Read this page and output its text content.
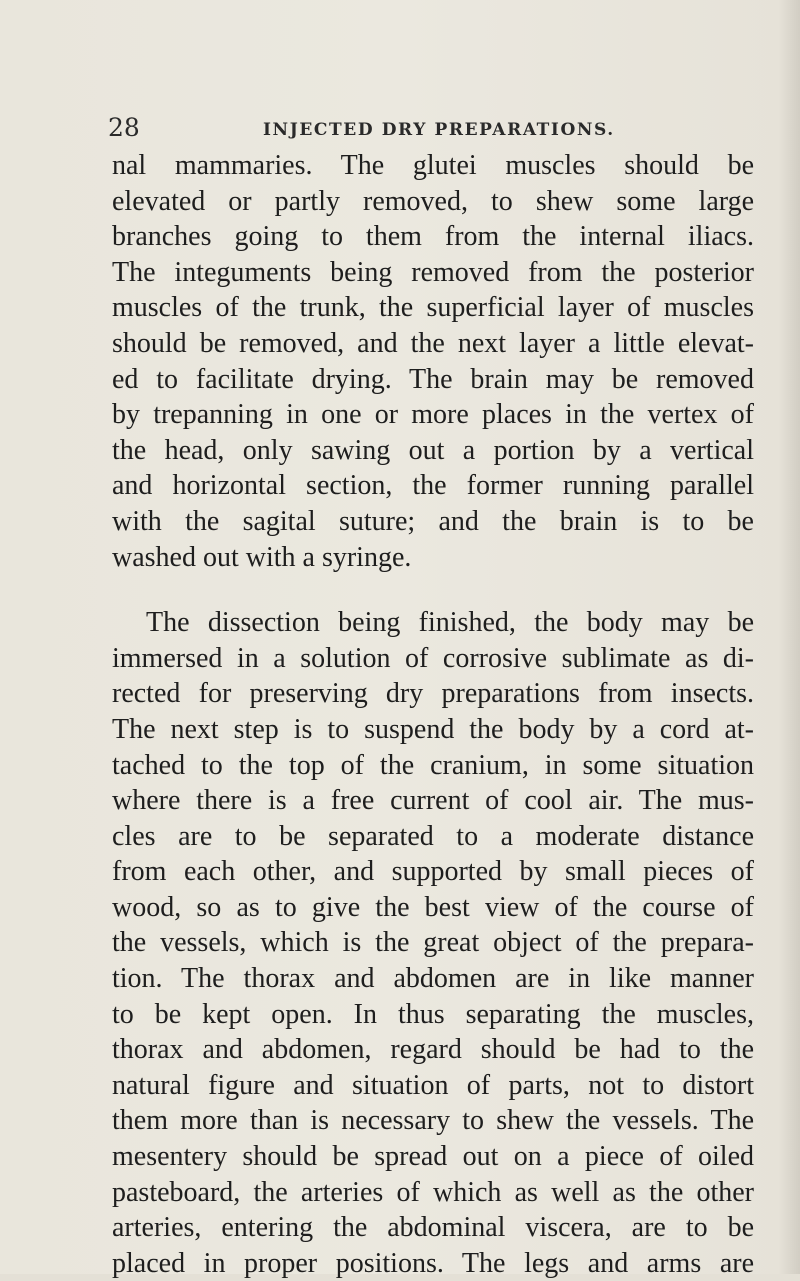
28	INJECTED DRY PREPARATIONS.
nal mammaries. The glutei muscles should be
elevated or partly removed, to shew some large
branches going to them from the internal iliacs.
The integuments being removed from the posterior
muscles of the trunk, the superficial layer of muscles
should be removed, and the next layer a little elevat-
ed to facilitate drying. The brain may be removed
by trepanning in one or more places in the vertex of
the head, only sawing out a portion by a vertical
and horizontal section, the former running parallel
with the sagital suture; and the brain is to be
washed out with a syringe.
The dissection being finished, the body may be
immersed in a solution of corrosive sublimate as di-
rected for preserving dry preparations from insects.
The next step is to suspend the body by a cord at-
tached to the top of the cranium, in some situation
where there is a free current of cool air. The mus-
cles are to be separated to a moderate distance
from each other, and supported by small pieces of
wood, so as to give the best view of the course of
the vessels, which is the great object of the prepara-
tion. The thorax and abdomen are in like manner
to be kept open. In thus separating the muscles,
thorax and abdomen, regard should be had to the
natural figure and situation of parts, not to distort
them more than is necessary to shew the vessels. The
mesentery should be spread out on a piece of oiled
pasteboard, the arteries of which as well as the other
arteries, entering the abdominal viscera, are to be
placed in proper positions. The legs and arms are
